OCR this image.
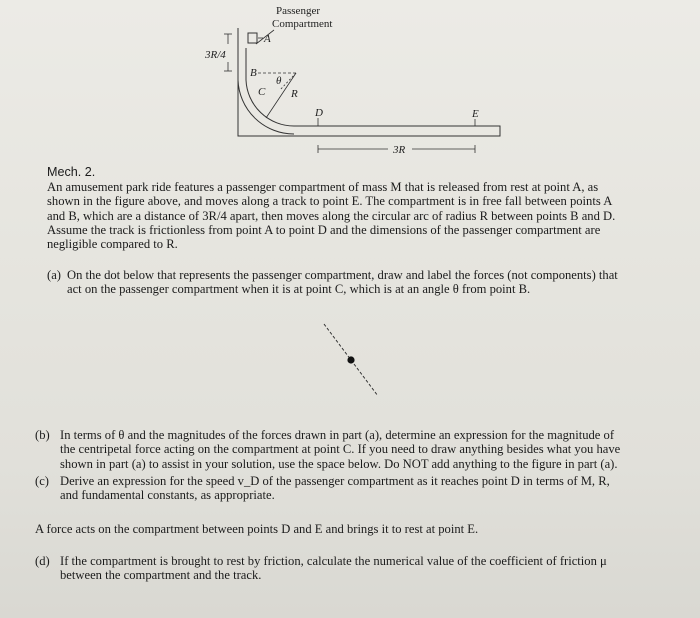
Passenger
Compartment
A
B
θ
R
C
D	E
3R/4
3R
Mech. 2.
An amusement park ride features a passenger compartment of mass M that is released from rest at point A, as
shown in the figure above, and moves along a track to point E. The compartment is in free fall between points A
and B, which are a distance of 3R/4 apart, then moves along the circular arc of radius R between points B and D.
Assume the track is frictionless from point A to point D and the dimensions of the passenger compartment are
negligible compared to R.
(a) On the dot below that represents the passenger compartment, draw and label the forces (not components) that
act on the passenger compartment when it is at point C, which is at an angle θ from point B.
(b) In terms of θ and the magnitudes of the forces drawn in part (a), determine an expression for the magnitude of
the centripetal force acting on the compartment at point C. If you need to draw anything besides what you have
shown in part (a) to assist in your solution, use the space below. Do NOT add anything to the figure in part (a).
(c) Derive an expression for the speed v_D of the passenger compartment as it reaches point D in terms of M, R,
and fundamental constants, as appropriate.
A force acts on the compartment between points D and E and brings it to rest at point E.
(d) If the compartment is brought to rest by friction, calculate the numerical value of the coefficient of friction μ
between the compartment and the track.
